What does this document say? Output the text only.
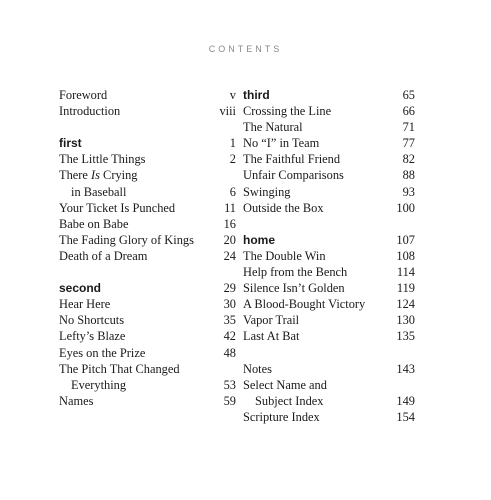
CONTENTS
Foreword	v
Introduction	viii
first	1
The Little Things	2
There Is Crying
in Baseball	6
Your Ticket Is Punched	11
Babe on Babe	16
The Fading Glory of Kings 20
Death of a Dream	24
second	29
Hear Here	30
No Shortcuts	35
Lefty’s Blaze	42
Eyes on the Prize	48
The Pitch That Changed
Everything	53
Names	59
third	65
Crossing the Line	66
The Natural	71
No “I” in Team	77
The Faithful Friend	82
Unfair Comparisons	88
Swinging	93
Outside the Box	100
home	107
The Double Win	108
Help from the Bench	114
Silence Isn’t Golden	119
A Blood-Bought Victory	124
Vapor Trail	130
Last At Bat	135
Notes	143
Select Name and
Subject Index	149
Scripture Index	154
